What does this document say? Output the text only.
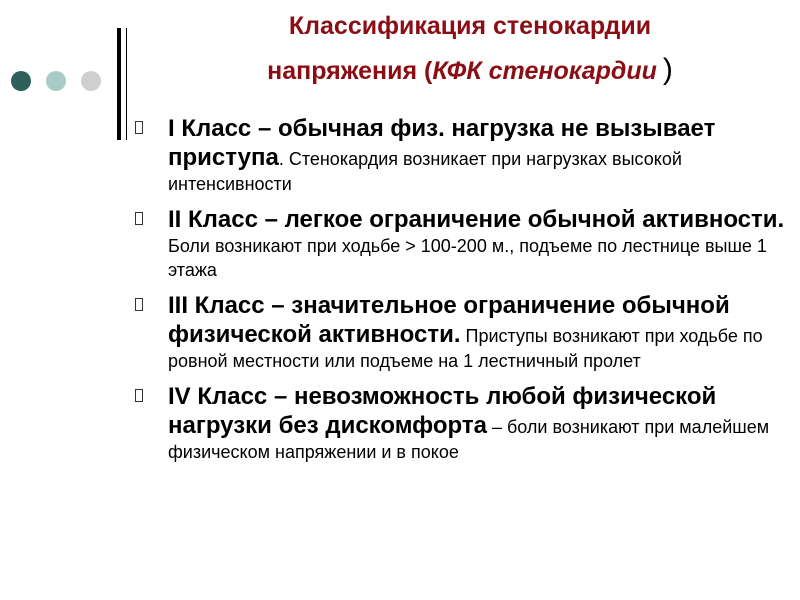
Классификация стенокардии
напряжения (КФК стенокардии )
I Класс – обычная физ. нагрузка не вызывает приступа. Стенокардия возникает при нагрузках высокой интенсивности
II Класс – легкое ограничение обычной активности. Боли возникают при ходьбе > 100-200 м., подъеме по лестнице выше 1 этажа
III Класс – значительное ограничение обычной физической активности. Приступы возникают при ходьбе по ровной местности или подъеме на 1 лестничный пролет
IV Класс – невозможность любой физической нагрузки без дискомфорта – боли возникают при малейшем физическом напряжении и в покое
